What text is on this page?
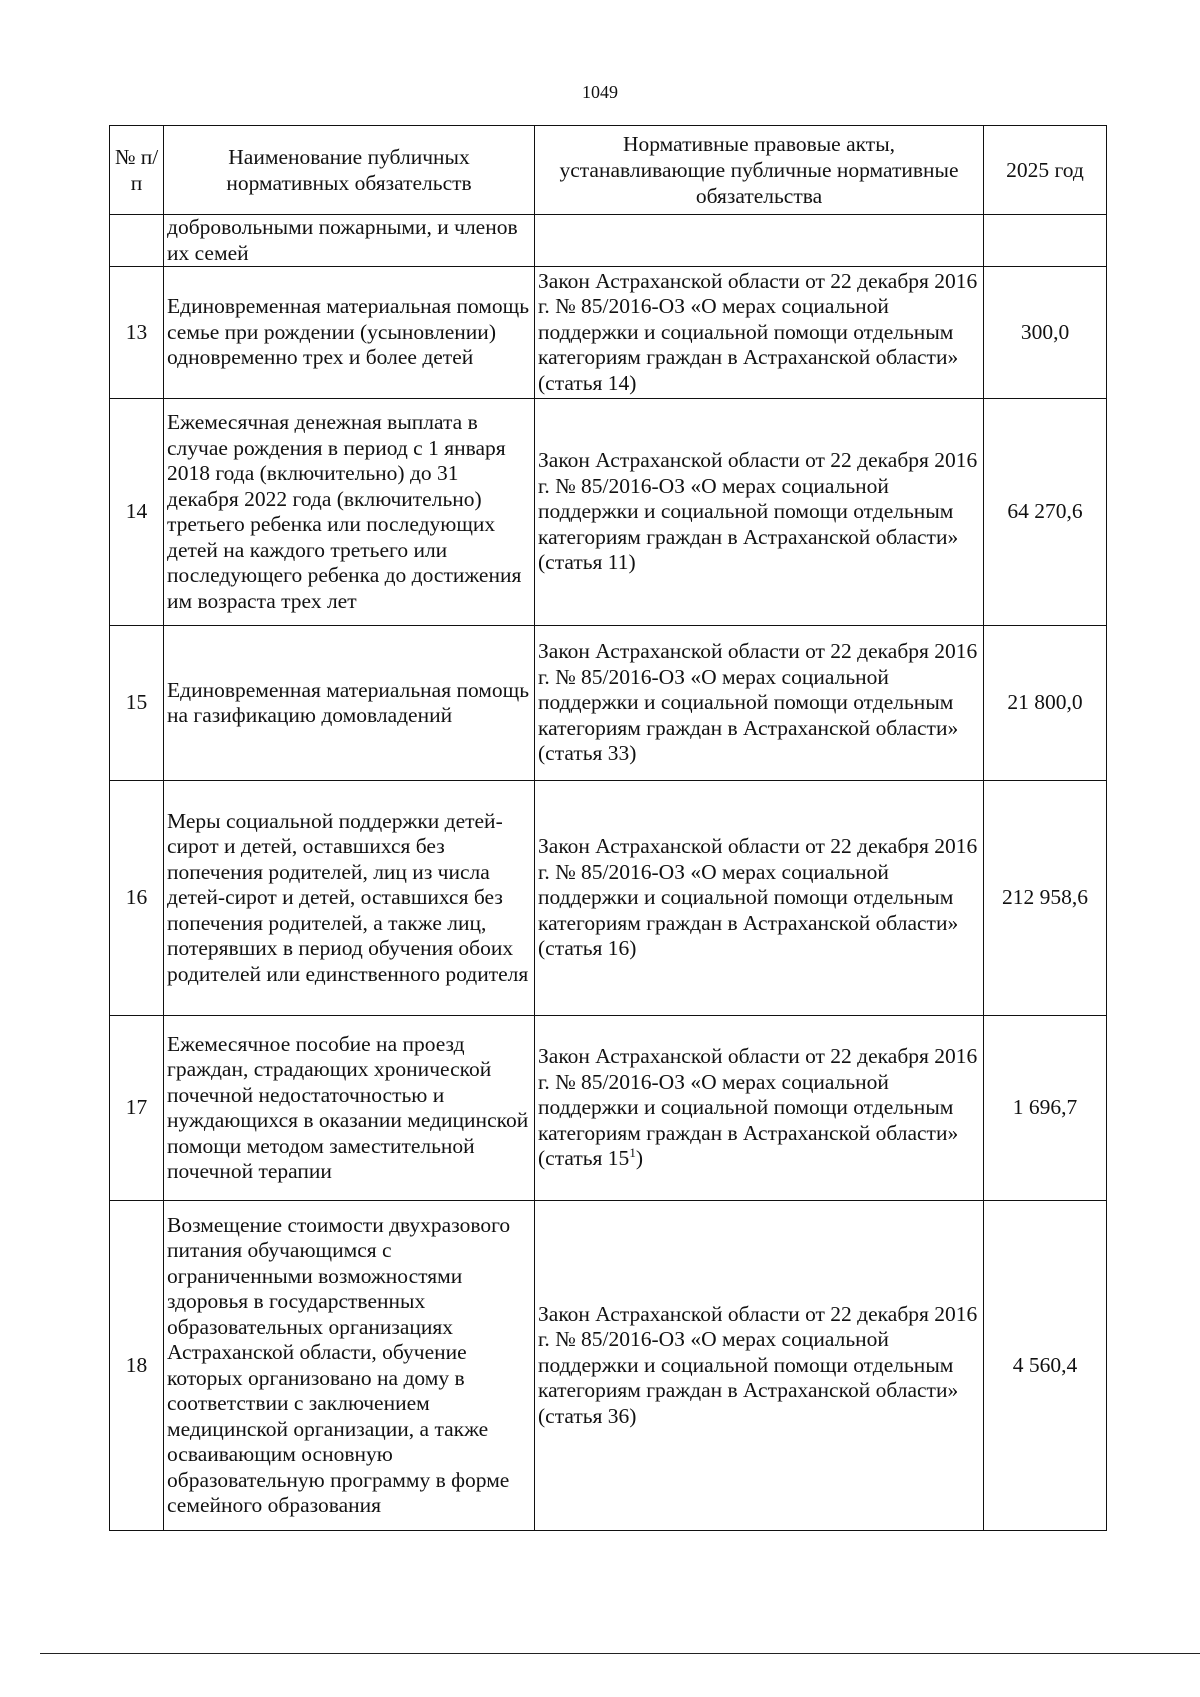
1049
№ п/п	Наименование публичных нормативных обязательств	Нормативные правовые акты, устанавливающие публичные нормативные обязательства	2025 год
	добровольными пожарными, и членов их семей		
13	Единовременная материальная помощь семье при рождении (усыновлении) одновременно трех и более детей	Закон Астраханской области от 22 декабря 2016 г. № 85/2016-ОЗ «О мерах социальной поддержки и социальной помощи отдельным категориям граждан в Астраханской области» (статья 14)	300,0
14	Ежемесячная денежная выплата в случае рождения в период с 1 января 2018 года (включительно) до 31 декабря 2022 года (включительно) третьего ребенка или последующих детей на каждого третьего или последующего ребенка до достижения им возраста трех лет	Закон Астраханской области от 22 декабря 2016 г. № 85/2016-ОЗ «О мерах социальной поддержки и социальной помощи отдельным категориям граждан в Астраханской области» (статья 11)	64 270,6
15	Единовременная материальная помощь на газификацию домовладений	Закон Астраханской области от 22 декабря 2016 г. № 85/2016-ОЗ «О мерах социальной поддержки и социальной помощи отдельным категориям граждан в Астраханской области» (статья 33)	21 800,0
16	Меры социальной поддержки детей-сирот и детей, оставшихся без попечения родителей, лиц из числа детей-сирот и детей, оставшихся без попечения родителей, а также лиц, потерявших в период обучения обоих родителей или единственного родителя	Закон Астраханской области от 22 декабря 2016 г. № 85/2016-ОЗ «О мерах социальной поддержки и социальной помощи отдельным категориям граждан в Астраханской области» (статья 16)	212 958,6
17	Ежемесячное пособие на проезд граждан, страдающих хронической почечной недостаточностью и нуждающихся в оказании медицинской помощи методом заместительной почечной терапии	Закон Астраханской области от 22 декабря 2016 г. № 85/2016-ОЗ «О мерах социальной поддержки и социальной помощи отдельным категориям граждан в Астраханской области» (статья $15^1$)	1 696,7
18	Возмещение стоимости двухразового питания обучающимся с ограниченными возможностями здоровья в государственных образовательных организациях Астраханской области, обучение которых организовано на дому в соответствии с заключением медицинской организации, а также осваивающим основную образовательную программу в форме семейного образования	Закон Астраханской области от 22 декабря 2016 г. № 85/2016-ОЗ «О мерах социальной поддержки и социальной помощи отдельным категориям граждан в Астраханской области» (статья 36)	4 560,4
